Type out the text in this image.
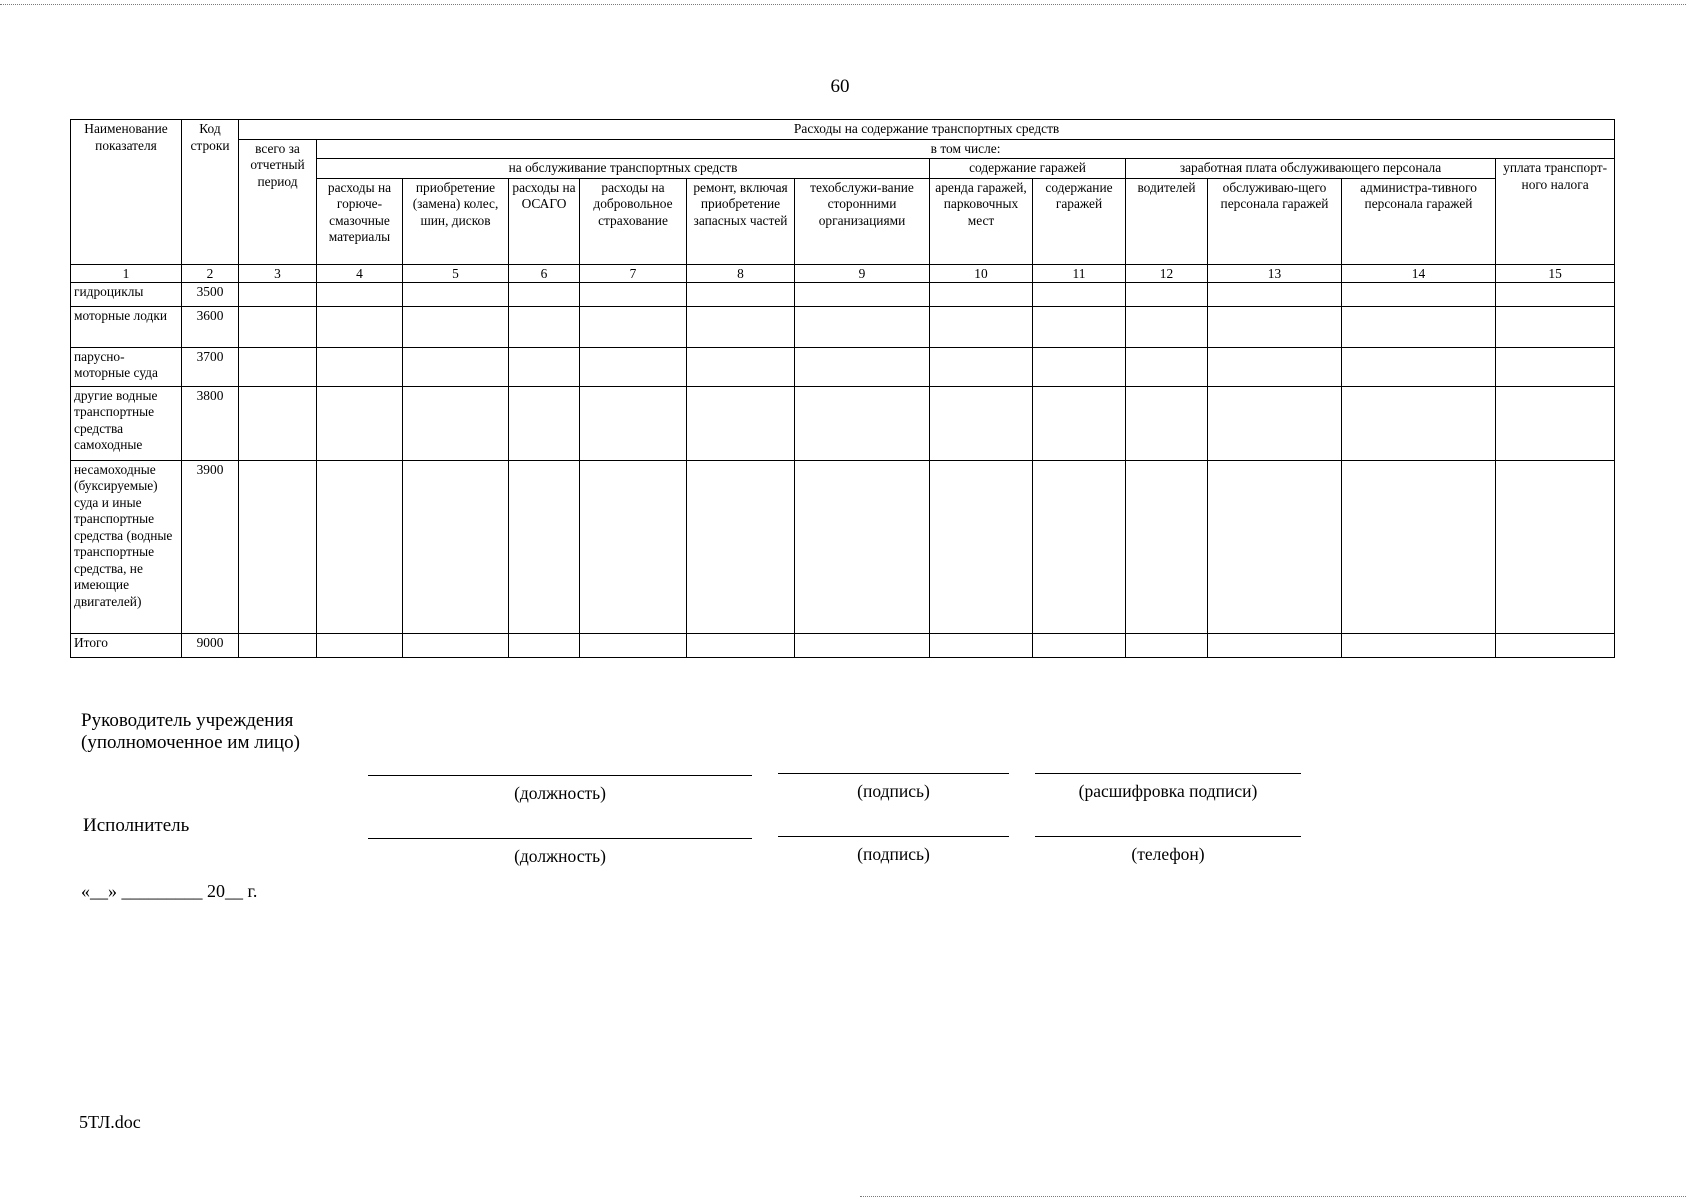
60
Наименование показателя	Код строки	Расходы на содержание транспортных средств												
		всего за отчетный период	в том числе:											
			на обслуживание транспортных средств						содержание гаражей		заработная плата обслуживающего персонала			уплата транспорт-ного налога
			расходы на горюче-смазочные материалы	приобретение (замена) колес, шин, дисков	расходы на ОСАГО	расходы на добровольное страхование	ремонт, включая приобретение запасных частей	техобслужи-вание сторонними организациями	аренда гаражей, парковочных мест	содержание гаражей	водителей	обслуживаю-щего персонала гаражей	администра-тивного персонала гаражей	
1	2	3	4	5	6	7	8	9	10	11	12	13	14	15
гидроциклы	3500													
моторные лодки	3600													
парусно-моторные суда	3700													
другие водные транспортные средства самоходные	3800													
несамоходные (буксируемые) суда и иные транспортные средства (водные транспортные средства, не имеющие двигателей)	3900													
Итого	9000													
Руководитель учреждения
(уполномоченное им лицо)
(должность)	(подпись)	(расшифровка подписи)
Исполнитель
(должность)	(подпись)	(телефон)
«__» _________ 20__ г.
5ТЛ.doc
